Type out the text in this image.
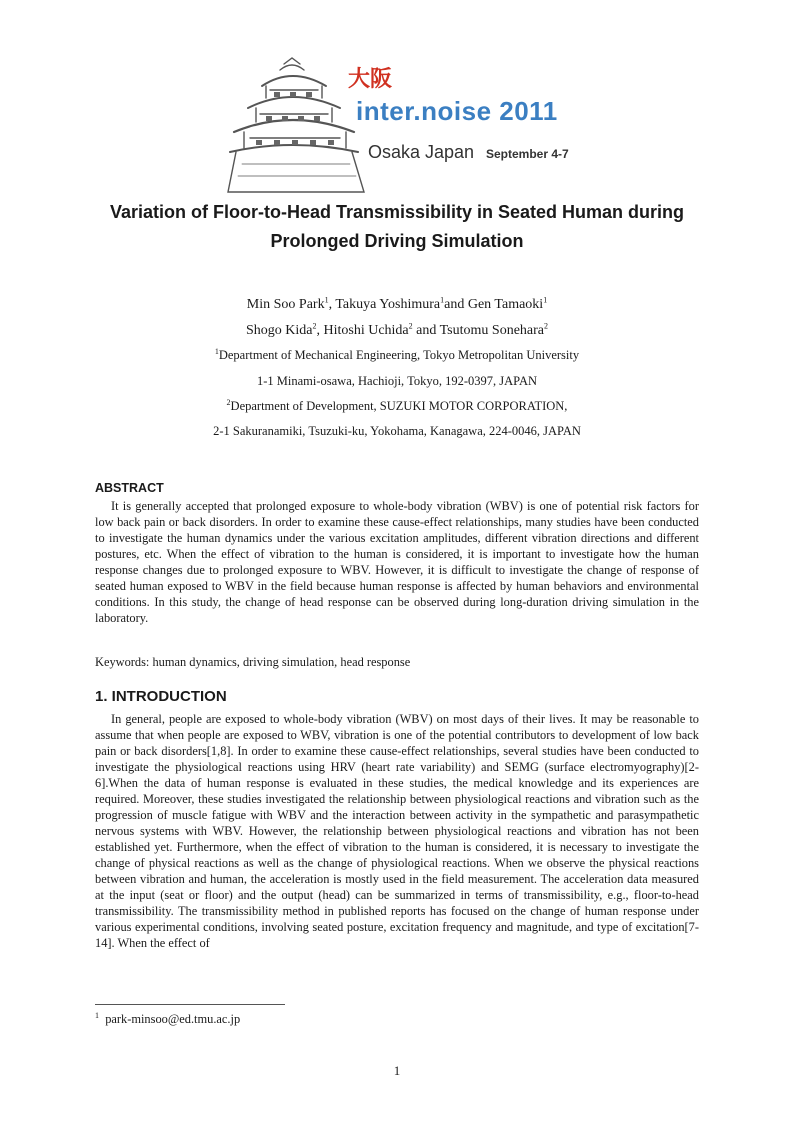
大阪
inter.noise 2011
Osaka Japan September 4-7
Variation of Floor-to-Head Transmissibility in Seated Human during
Prolonged Driving Simulation
Min Soo Park$^1$, Takuya Yoshimura$^1$and Gen Tamaoki$^1$
Shogo Kida$^2$, Hitoshi Uchida$^2$ and Tsutomu Sonehara$^2$
$^1$Department of Mechanical Engineering, Tokyo Metropolitan University
1-1 Minami-osawa, Hachioji, Tokyo, 192-0397, JAPAN
$^2$Department of Development, SUZUKI MOTOR CORPORATION,
2-1 Sakuranamiki, Tsuzuki-ku, Yokohama, Kanagawa, 224-0046, JAPAN
ABSTRACT

It is generally accepted that prolonged exposure to whole-body vibration (WBV) is one of potential risk factors for low back pain or back disorders. In order to examine these cause-effect relationships, many studies have been conducted to investigate the human dynamics under the various excitation amplitudes, different vibration directions and different postures, etc. When the effect of vibration to the human is considered, it is important to investigate how the human response changes due to prolonged exposure to WBV. However, it is difficult to investigate the change of response of seated human exposed to WBV in the field because human response is affected by human behaviors and environmental conditions. In this study, the change of head response can be observed during long-duration driving simulation in the laboratory.

Keywords: human dynamics, driving simulation, head response
1. INTRODUCTION

In general, people are exposed to whole-body vibration (WBV) on most days of their lives. It may be reasonable to assume that when people are exposed to WBV, vibration is one of the potential contributors to development of low back pain or back disorders[1,8]. In order to examine these cause-effect relationships, several studies have been conducted to investigate the physiological reactions using HRV (heart rate variability) and SEMG (surface electromyography)[2-6].When the data of human response is evaluated in these studies, the medical knowledge and its experiences are required. Moreover, these studies investigated the relationship between physiological reactions and vibration such as the progression of muscle fatigue with WBV and the interaction between activity in the sympathetic and parasympathetic nervous systems with WBV. However, the relationship between physiological reactions and vibration has not been established yet. Furthermore, when the effect of vibration to the human is considered, it is necessary to investigate the change of physical reactions as well as the change of physiological reactions. When we observe the physical reactions between vibration and human, the acceleration is mostly used in the field measurement. The acceleration data measured at the input (seat or floor) and the output (head) can be summarized in terms of transmissibility, e.g., floor-to-head transmissibility. The transmissibility method in published reports has focused on the change of human response under various experimental conditions, involving seated posture, excitation frequency and magnitude, and type of excitation[7-14]. When the effect of

$^1$ park-minsoo@ed.tmu.ac.jp
1
